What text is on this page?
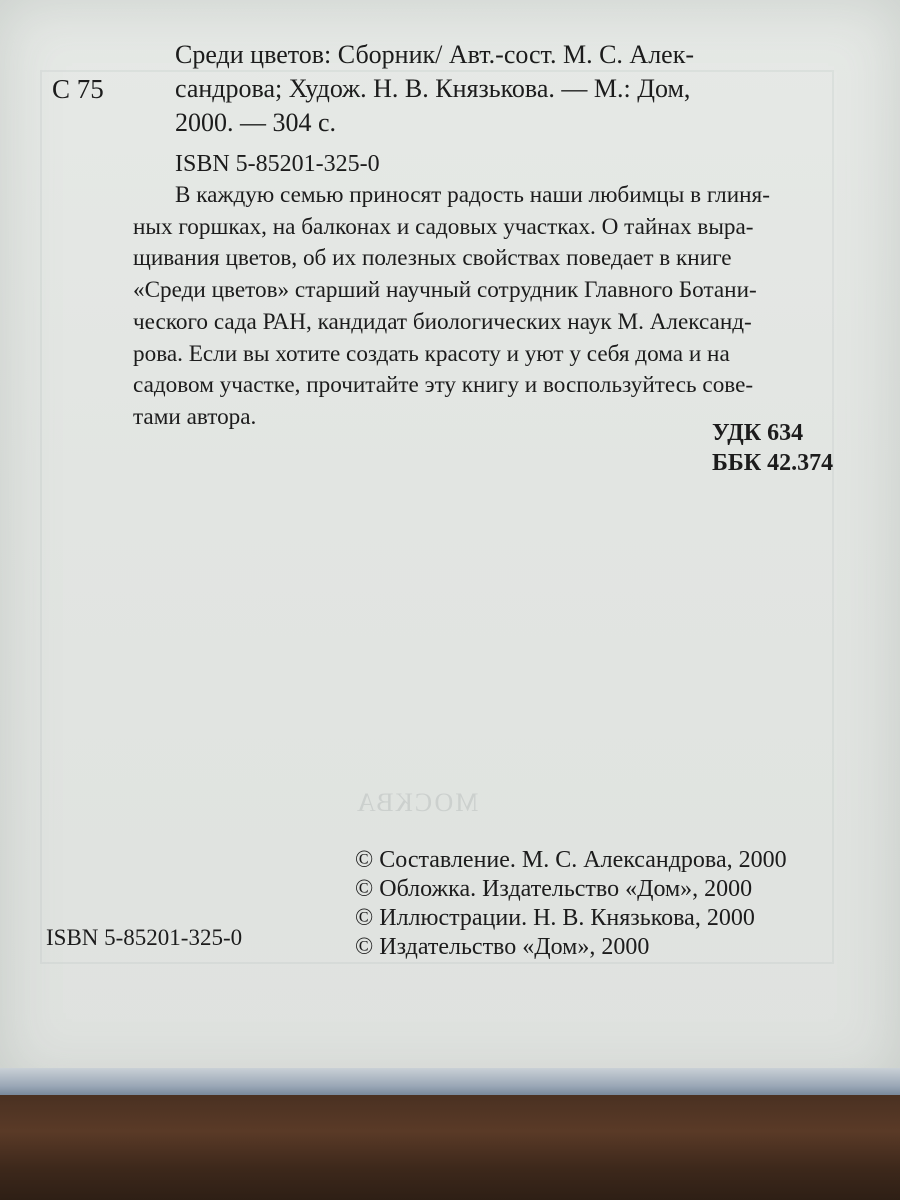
МОСКВА
С 75
Среди цветов: Сборник/ Авт.-сост. М. С. Алек-
сандрова; Худож. Н. В. Князькова. — М.: Дом,
2000. — 304 с.
ISBN 5-85201-325-0
В каждую семью приносят радость наши любимцы в глиня-
ных горшках, на балконах и садовых участках. О тайнах выра-
щивания цветов, об их полезных свойствах поведает в книге
«Среди цветов» старший научный сотрудник Главного Ботани-
ческого сада РАН, кандидат биологических наук М. Александ-
рова. Если вы хотите создать красоту и уют у себя дома и на
садовом участке, прочитайте эту книгу и воспользуйтесь сове-
тами автора.
УДК 634
ББК 42.374
© Составление. М. С. Александрова, 2000
© Обложка. Издательство «Дом», 2000
© Иллюстрации. Н. В. Князькова, 2000
© Издательство «Дом», 2000
ISBN 5-85201-325-0
